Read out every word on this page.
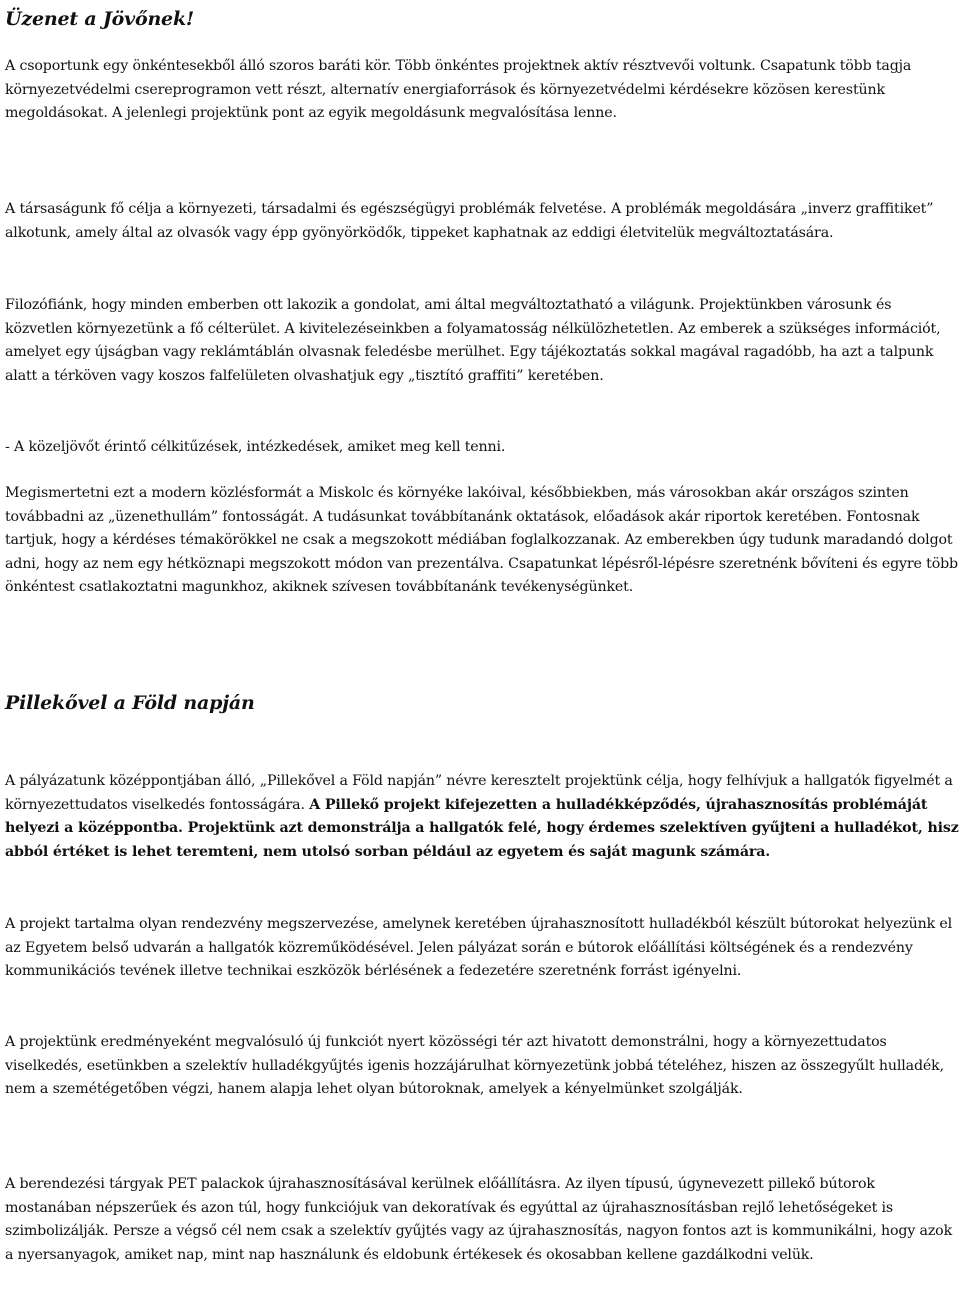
Üzenet a Jövőnek!

A csoportunk egy önkéntesekből álló szoros baráti kör. Több önkéntes projektnek aktív résztvevői voltunk. Csapatunk több tagja környezetvédelmi csereprogramon vett részt, alternatív energiaforrások és környezetvédelmi kérdésekre közösen kerestünk megoldásokat. A jelenlegi projektünk pont az egyik megoldásunk megvalósítása lenne.

A társaságunk fő célja a környezeti, társadalmi és egészségügyi problémák felvetése. A problémák megoldására „inverz graffitiket” alkotunk, amely által az olvasók vagy épp gyönyörködők, tippeket kaphatnak az eddigi életvitelük megváltoztatására.

Filozófiánk, hogy minden emberben ott lakozik a gondolat, ami által megváltoztatható a világunk. Projektünkben városunk és közvetlen környezetünk a fő célterület. A kivitelezéseinkben a folyamatosság nélkülözhetetlen. Az emberek a szükséges információt, amelyet egy újságban vagy reklámtáblán olvasnak feledésbe merülhet. Egy tájékoztatás sokkal magával ragadóbb, ha azt a talpunk alatt a térköven vagy koszos falfelületen olvashatjuk egy „tisztító graffiti” keretében.

- A közeljövőt érintő célkitűzések, intézkedések, amiket meg kell tenni.

Megismertetni ezt a modern közlésformát a Miskolc és környéke lakóival, későbbiekben, más városokban akár országos szinten továbbadni az „üzenethullám” fontosságát. A tudásunkat továbbítanánk oktatások, előadások akár riportok keretében. Fontosnak tartjuk, hogy a kérdéses témakörökkel ne csak a megszokott médiában foglalkozzanak. Az emberekben úgy tudunk maradandó dolgot adni, hogy az nem egy hétköznapi megszokott módon van prezentálva. Csapatunkat lépésről-lépésre szeretnénk bővíteni és egyre több önkéntest csatlakoztatni magunkhoz, akiknek szívesen továbbítanánk tevékenységünket.

Pillekővel a Föld napján

A pályázatunk középpontjában álló, „Pillekővel a Föld napján” névre keresztelt projektünk célja, hogy felhívjuk a hallgatók figyelmét a környezettudatos viselkedés fontosságára. A Pillekő projekt kifejezetten a hulladékképződés, újrahasznosítás problémáját helyezi a középpontba. Projektünk azt demonstrálja a hallgatók felé, hogy érdemes szelektíven gyűjteni a hulladékot, hisz abból értéket is lehet teremteni, nem utolsó sorban például az egyetem és saját magunk számára.

A projekt tartalma olyan rendezvény megszervezése, amelynek keretében újrahasznosított hulladékból készült bútorokat helyezünk el az Egyetem belső udvarán a hallgatók közreműködésével. Jelen pályázat során e bútorok előállítási költségének és a rendezvény kommunikációs tevének illetve technikai eszközök bérlésének a fedezetére szeretnénk forrást igényelni.

A projektünk eredményeként megvalósuló új funkciót nyert közösségi tér azt hivatott demonstrálni, hogy a környezettudatos viselkedés, esetünkben a szelektív hulladékgyűjtés igenis hozzájárulhat környezetünk jobbá tételéhez, hiszen az összegyűlt hulladék, nem a szemétégetőben végzi, hanem alapja lehet olyan bútoroknak, amelyek a kényelmünket szolgálják.

A berendezési tárgyak PET palackok újrahasznosításával kerülnek előállításra. Az ilyen típusú, úgynevezett pillekő bútorok mostanában népszerűek és azon túl, hogy funkciójuk van dekoratívak és egyúttal az újrahasznosításban rejlő lehetőségeket is szimbolizálják. Persze a végső cél nem csak a szelektív gyűjtés vagy az újrahasznosítás, nagyon fontos azt is kommunikálni, hogy azok a nyersanyagok, amiket nap, mint nap használunk és eldobunk értékesek és okosabban kellene gazdálkodni velük.
